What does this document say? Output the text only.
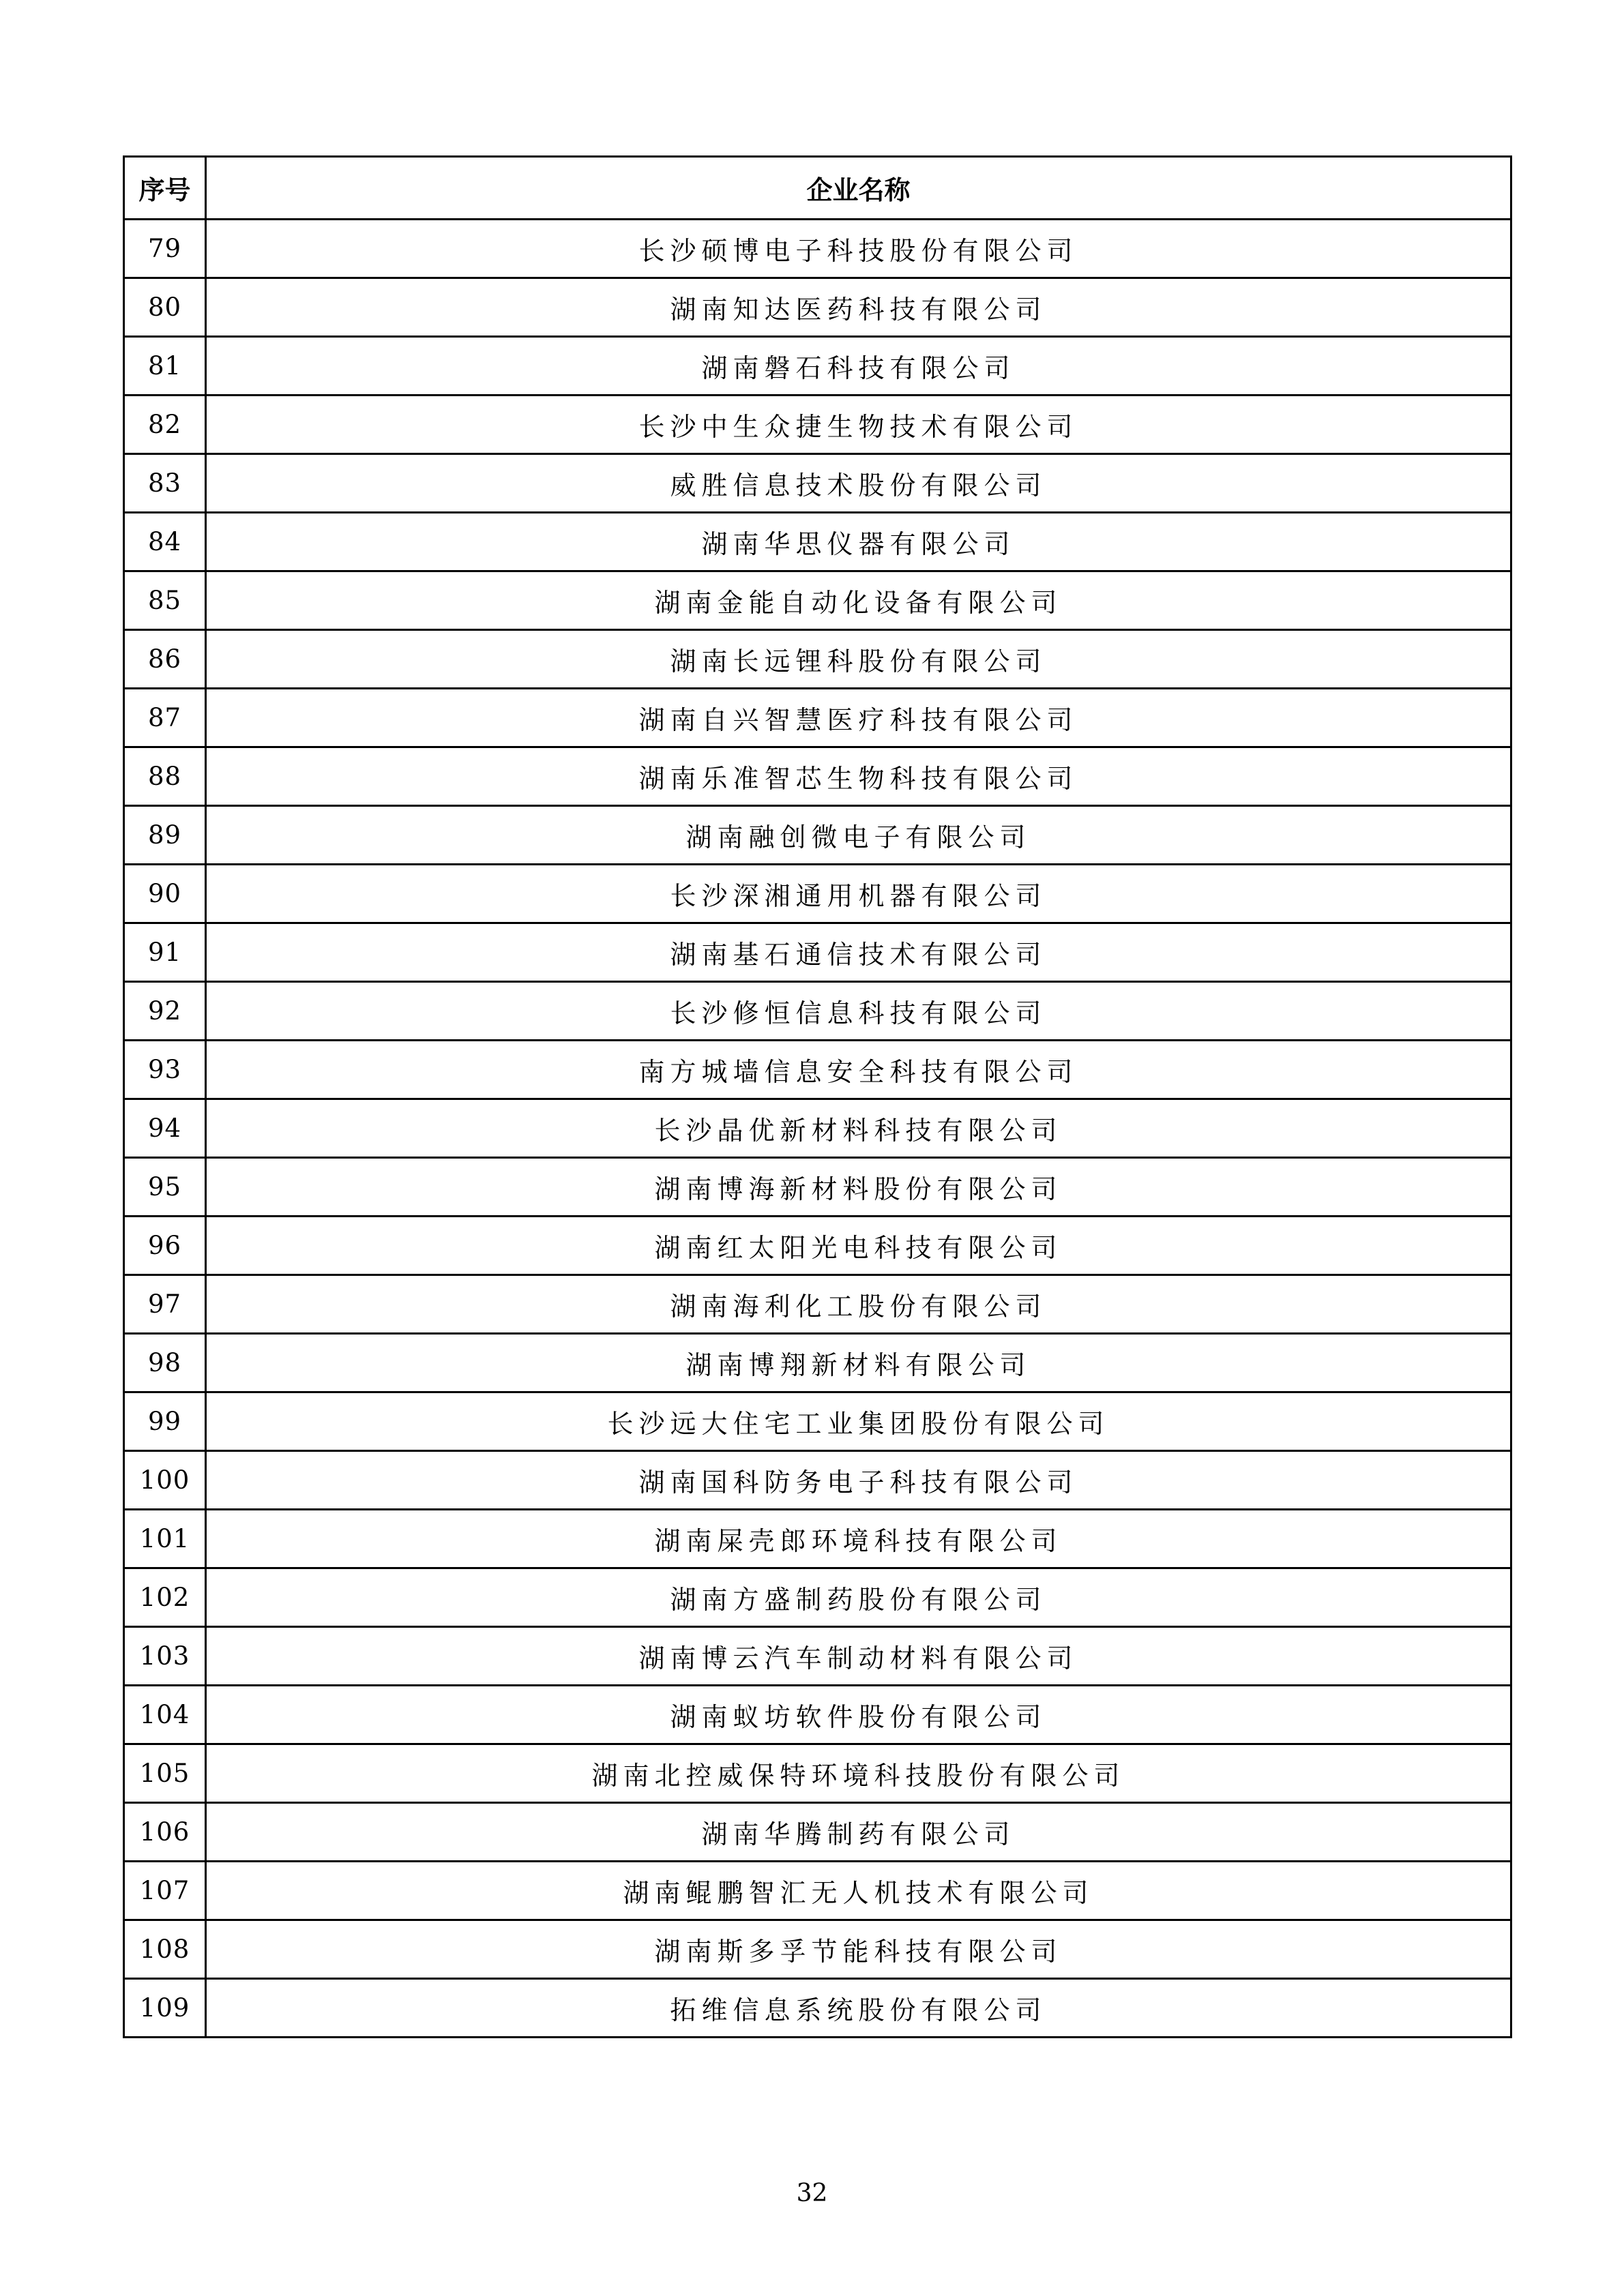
序号	企业名称
79	长沙硕博电子科技股份有限公司
80	湖南知达医药科技有限公司
81	湖南磐石科技有限公司
82	长沙中生众捷生物技术有限公司
83	威胜信息技术股份有限公司
84	湖南华思仪器有限公司
85	湖南金能自动化设备有限公司
86	湖南长远锂科股份有限公司
87	湖南自兴智慧医疗科技有限公司
88	湖南乐准智芯生物科技有限公司
89	湖南融创微电子有限公司
90	长沙深湘通用机器有限公司
91	湖南基石通信技术有限公司
92	长沙修恒信息科技有限公司
93	南方城墙信息安全科技有限公司
94	长沙晶优新材料科技有限公司
95	湖南博海新材料股份有限公司
96	湖南红太阳光电科技有限公司
97	湖南海利化工股份有限公司
98	湖南博翔新材料有限公司
99	长沙远大住宅工业集团股份有限公司
100	湖南国科防务电子科技有限公司
101	湖南屎壳郎环境科技有限公司
102	湖南方盛制药股份有限公司
103	湖南博云汽车制动材料有限公司
104	湖南蚁坊软件股份有限公司
105	湖南北控威保特环境科技股份有限公司
106	湖南华腾制药有限公司
107	湖南鲲鹏智汇无人机技术有限公司
108	湖南斯多孚节能科技有限公司
109	拓维信息系统股份有限公司
32
